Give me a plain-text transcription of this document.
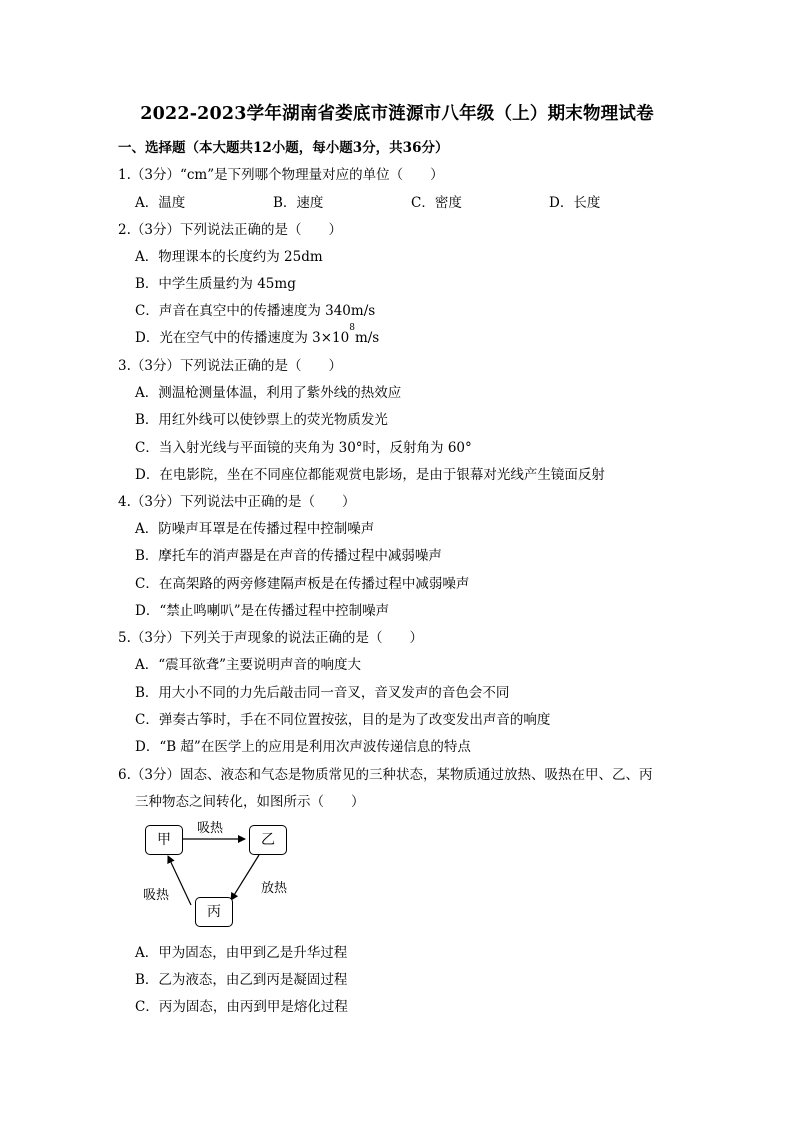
2022-2023学年湖南省娄底市涟源市八年级（上）期末物理试卷
一、选择题（本大题共12小题，每小题3分，共36分）
1.（3分）“cm”是下列哪个物理量对应的单位（　　）
A．温度	B．速度	C．密度	D．长度
2.（3分）下列说法正确的是（　　）
A．物理课本的长度约为 25dm
B．中学生质量约为 45mg
C．声音在真空中的传播速度为 340m/s
D．光在空气中的传播速度为 $3\times 10^8m/s$
3.（3分）下列说法正确的是（　　）
A．测温枪测量体温，利用了紫外线的热效应
B．用红外线可以使钞票上的荧光物质发光
C．当入射光线与平面镜的夹角为 30°时，反射角为 60°
D．在电影院，坐在不同座位都能观赏电影场，是由于银幕对光线产生镜面反射
4.（3分）下列说法中正确的是（　　）
A．防噪声耳罩是在传播过程中控制噪声
B．摩托车的消声器是在声音的传播过程中减弱噪声
C．在高架路的两旁修建隔声板是在传播过程中减弱噪声
D．“禁止鸣喇叭”是在传播过程中控制噪声
5.（3分）下列关于声现象的说法正确的是（　　）
A．“震耳欲聋”主要说明声音的响度大
B．用大小不同的力先后敲击同一音叉，音叉发声的音色会不同
C．弹奏古筝时，手在不同位置按弦，目的是为了改变发出声音的响度
D．“B 超”在医学上的应用是利用次声波传递信息的特点
6.（3分）固态、液态和气态是物质常见的三种状态，某物质通过放热、吸热在甲、乙、丙
三种物态之间转化，如图所示（　　）
甲	乙
丙
吸热
放热
吸热
A．甲为固态，由甲到乙是升华过程
B．乙为液态，由乙到丙是凝固过程
C．丙为固态，由丙到甲是熔化过程
